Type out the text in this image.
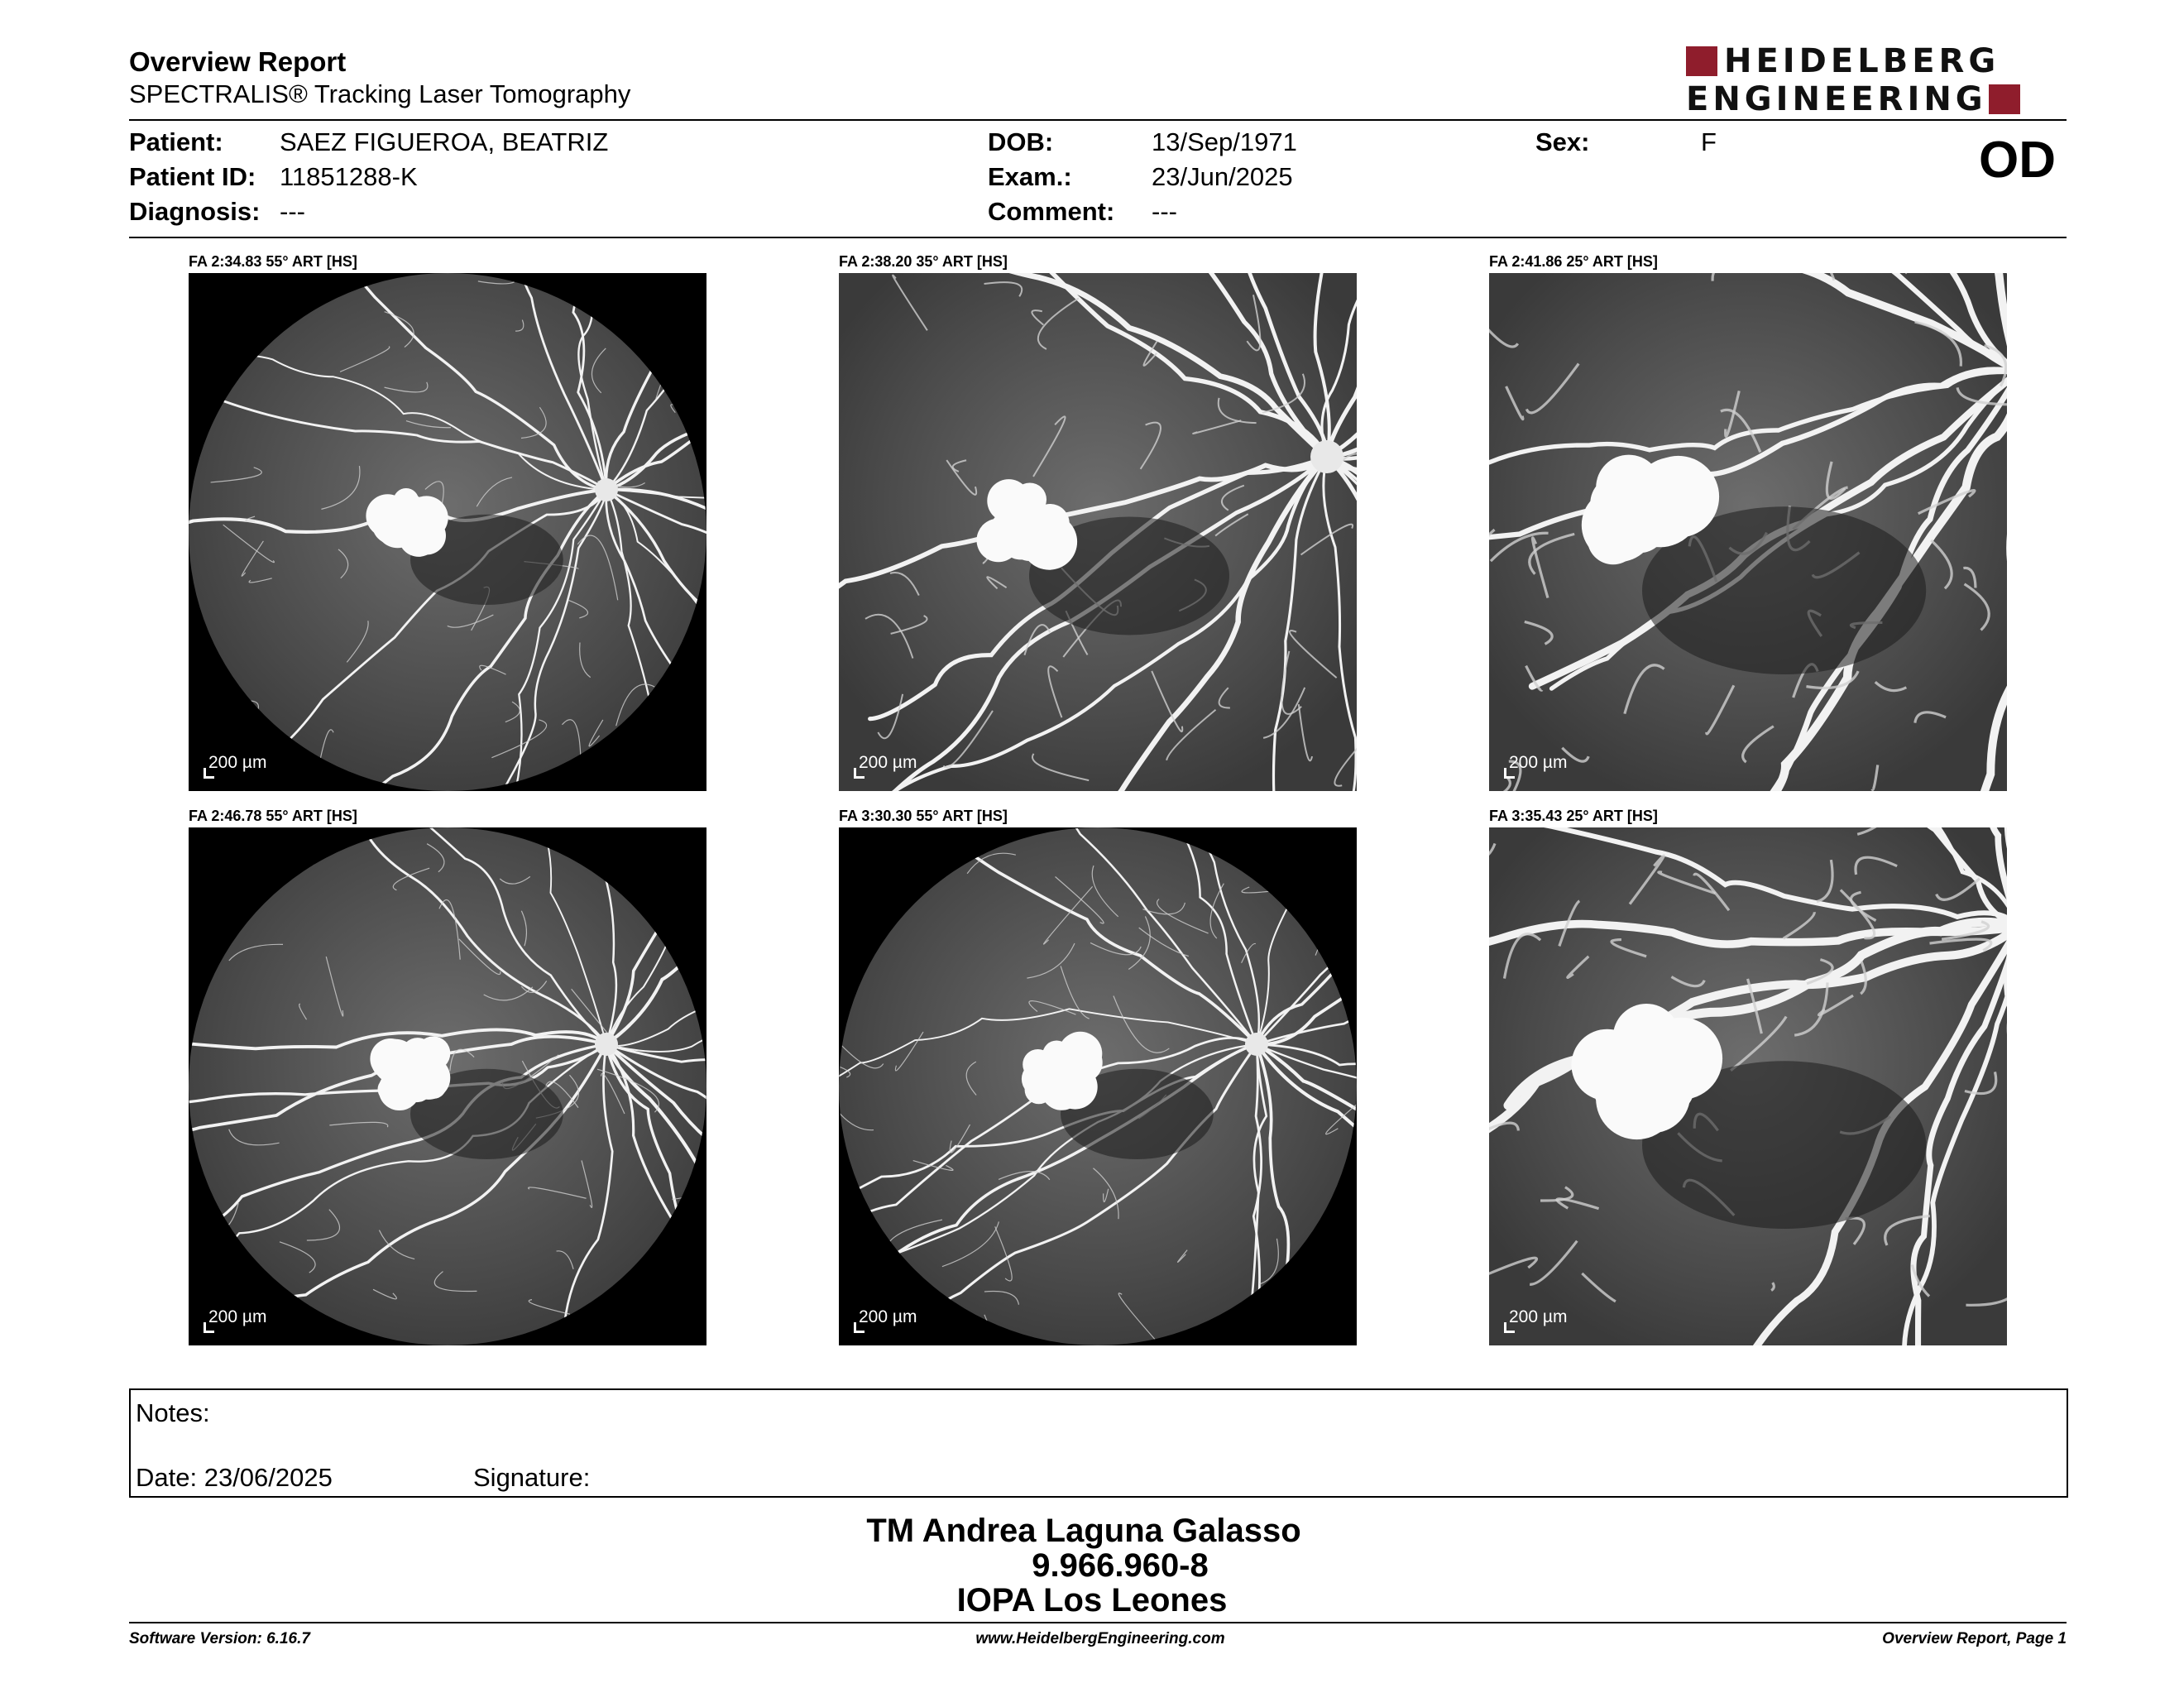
Overview Report
SPECTRALIS® Tracking Laser Tomography
HEIDELBERG
ENGINEERING
Patient: SAEZ FIGUEROA, BEATRIZ
Patient ID: 11851288-K
Diagnosis: ---
DOB:	13/Sep/1971
Exam.:	23/Jun/2025
Comment: ---
Sex:	F	OD
FA 2:34.83 55° ART [HS]	FA 2:38.20 35° ART [HS]	FA 2:41.86 25° ART [HS]
FA 2:46.78 55° ART [HS]	FA 3:30.30 55° ART [HS]	FA 3:35.43 25° ART [HS]
200 µm	200 µm	200 µm
200 µm	200 µm	200 µm
Notes:
Date: 23/06/2025	Signature:
TM Andrea Laguna Galasso
9.966.960-8
IOPA Los Leones
Software Version: 6.16.7	www.HeidelbergEngineering.com	Overview Report, Page 1
